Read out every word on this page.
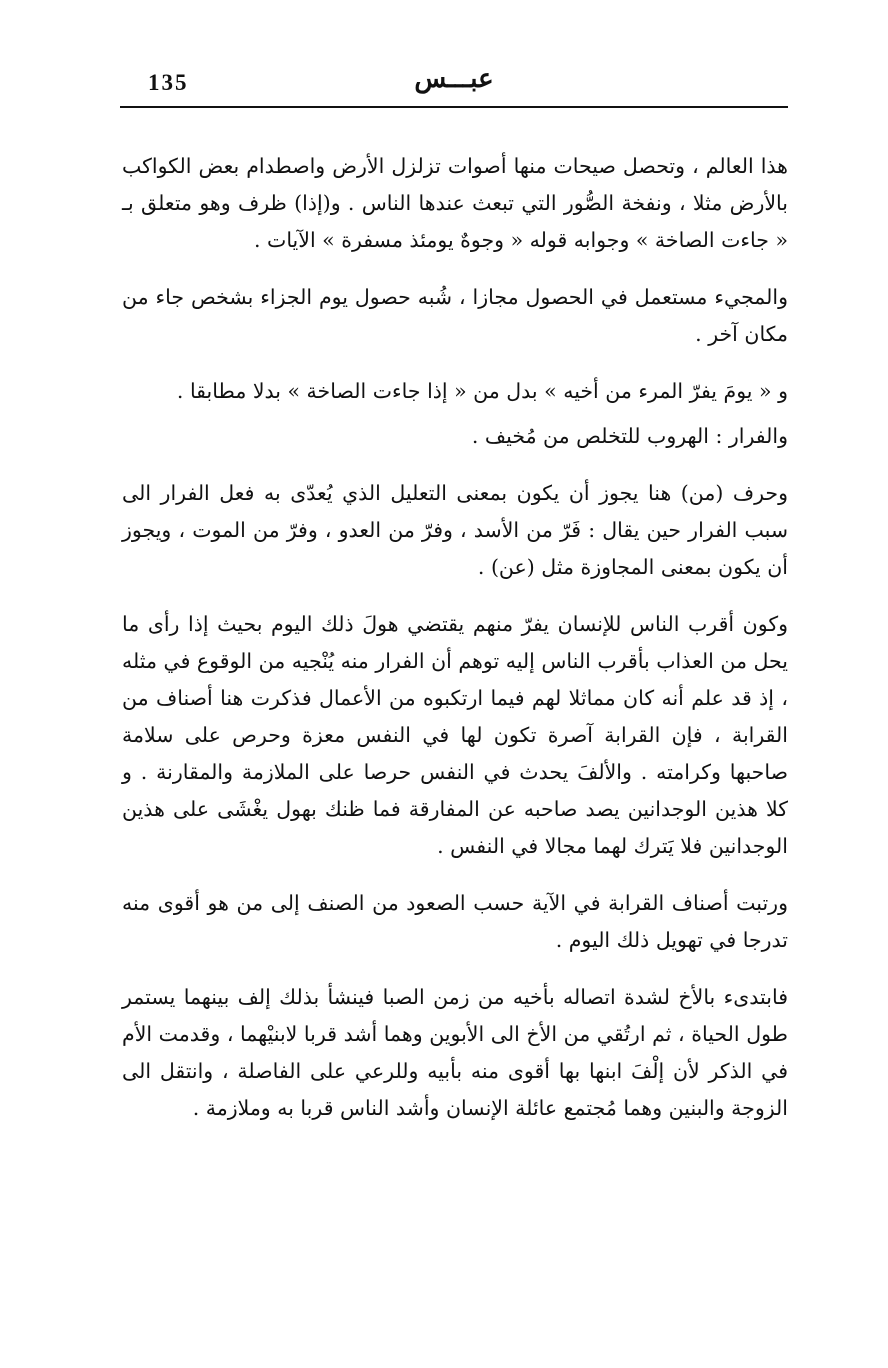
135	عبـــس

هذا العالم ، وتحصل صيحات منها أصوات تزلزل الأرض واصطدام بعض الكواكب بالأرض مثلا ، ونفخة الصُّور التي تبعث عندها الناس . و(إذا) ظرف وهو متعلق بـ « جاءت الصاخة » وجوابه قوله « وجوهٌ يومئذ مسفرة » الآيات .

والمجيء مستعمل في الحصول مجازا ، شُبه حصول يوم الجزاء بشخص جاء من مكان آخر .

و « يومَ يفرّ المرء من أخيه » بدل من « إذا جاءت الصاخة » بدلا مطابقا .

والفرار : الهروب للتخلص من مُخيف .

وحرف (من) هنا يجوز أن يكون بمعنى التعليل الذي يُعدّى به فعل الفرار الى سبب الفرار حين يقال : فَرّ من الأسد ، وفرّ من العدو ، وفرّ من الموت ، ويجوز أن يكون بمعنى المجاوزة مثل (عن) .

وكون أقرب الناس للإنسان يفرّ منهم يقتضي هولَ ذلك اليوم بحيث إذا رأى ما يحل من العذاب بأقرب الناس إليه توهم أن الفرار منه يُنْجيه من الوقوع في مثله ، إذ قد علم أنه كان مماثلا لهم فيما ارتكبوه من الأعمال فذكرت هنا أصناف من القرابة ، فإن القرابة آصرة تكون لها في النفس معزة وحرص على سلامة صاحبها وكرامته . والألفَ يحدث في النفس حرصا على الملازمة والمقارنة . و كلا هذين الوجدانين يصد صاحبه عن المفارقة فما ظنك بهول يغْشَى على هذين الوجدانين فلا يَترك لهما مجالا في النفس .

ورتبت أصناف القرابة في الآية حسب الصعود من الصنف إلى من هو أقوى منه تدرجا في تهويل ذلك اليوم .

فابتدىء بالأخ لشدة اتصاله بأخيه من زمن الصبا فينشأ بذلك إلف بينهما يستمر طول الحياة ، ثم ارتُقي من الأخ الى الأبوين وهما أشد قربا لابنيْهما ، وقدمت الأم في الذكر لأن إلْفَ ابنها بها أقوى منه بأبيه وللرعي على الفاصلة ، وانتقل الى الزوجة والبنين وهما مُجتمع عائلة الإنسان وأشد الناس قربا به وملازمة .
